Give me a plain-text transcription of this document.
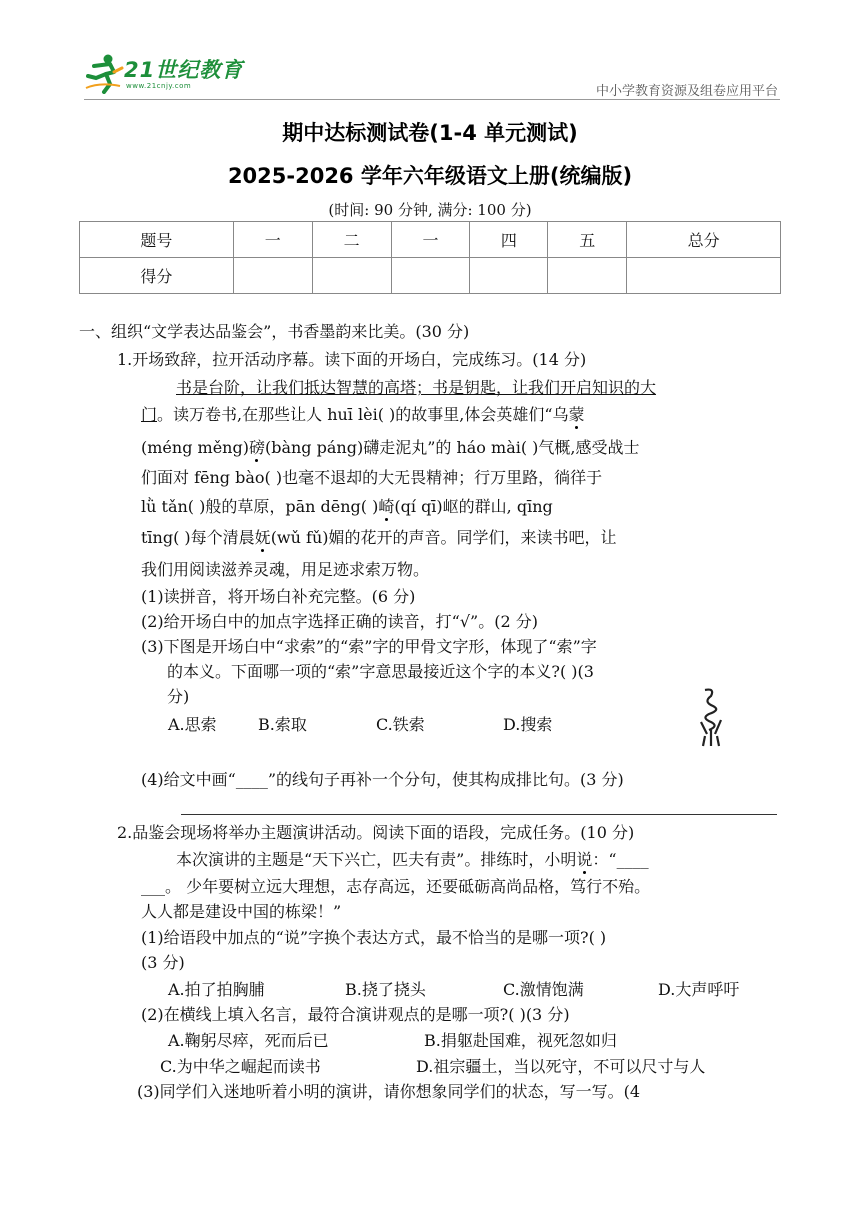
21世纪教育
www.21cnjy.com	中小学教育资源及组卷应用平台
期中达标测试卷(1-4 单元测试)
2025-2026 学年六年级语文上册(统编版)
(时间: 90 分钟, 满分: 100 分)
题号	一	二	一	四	五	总分
得分						
一、组织“文学表达品鉴会”，书香墨韵来比美。(30 分)
1.开场致辞，拉开活动序幕。读下面的开场白，完成练习。(14 分)
书是台阶，让我们抵达智慧的高塔；书是钥匙，让我们开启知识的大
门。读万卷书,在那些让人 huī lèi( )的故事里,体会英雄们“乌蒙
(méng měng)磅(bàng páng)礴走泥丸”的 háo mài( )气概,感受战士
们面对 fēng bào( )也毫不退却的大无畏精神；行万里路，徜徉于
lǜ tǎn( )般的草原，pān dēng( )崎(qí qī)岖的群山, qīng
tīng( )每个清晨妩(wǔ fǔ)媚的花开的声音。同学们，来读书吧，让
我们用阅读滋养灵魂，用足迹求索万物。
(1)读拼音，将开场白补充完整。(6 分)
(2)给开场白中的加点字选择正确的读音，打“√”。(2 分)
(3)下图是开场白中“求索”的“索”字的甲骨文字形，体现了“索”字
的本义。下面哪一项的“索”字意思最接近这个字的本义?( )(3
分)
A.思索	B.索取	C.铁索	D.搜索
(4)给文中画“____”的线句子再补一个分句，使其构成排比句。(3 分)
2.品鉴会现场将举办主题演讲活动。阅读下面的语段，完成任务。(10 分)
本次演讲的主题是“天下兴亡，匹夫有责”。排练时，小明说：“____
___。 少年要树立远大理想，志存高远，还要砥砺高尚品格，笃行不殆。
人人都是建设中国的栋梁！”
(1)给语段中加点的“说”字换个表达方式，最不恰当的是哪一项?( )
(3 分)
A.拍了拍胸脯	B.挠了挠头	C.激情饱满	D.大声呼吁
(2)在横线上填入名言，最符合演讲观点的是哪一项?( )(3 分)
A.鞠躬尽瘁，死而后已	B.捐躯赴国难，视死忽如归
C.为中华之崛起而读书	D.祖宗疆土，当以死守，不可以尺寸与人
(3)同学们入迷地听着小明的演讲，请你想象同学们的状态，写一写。(4
